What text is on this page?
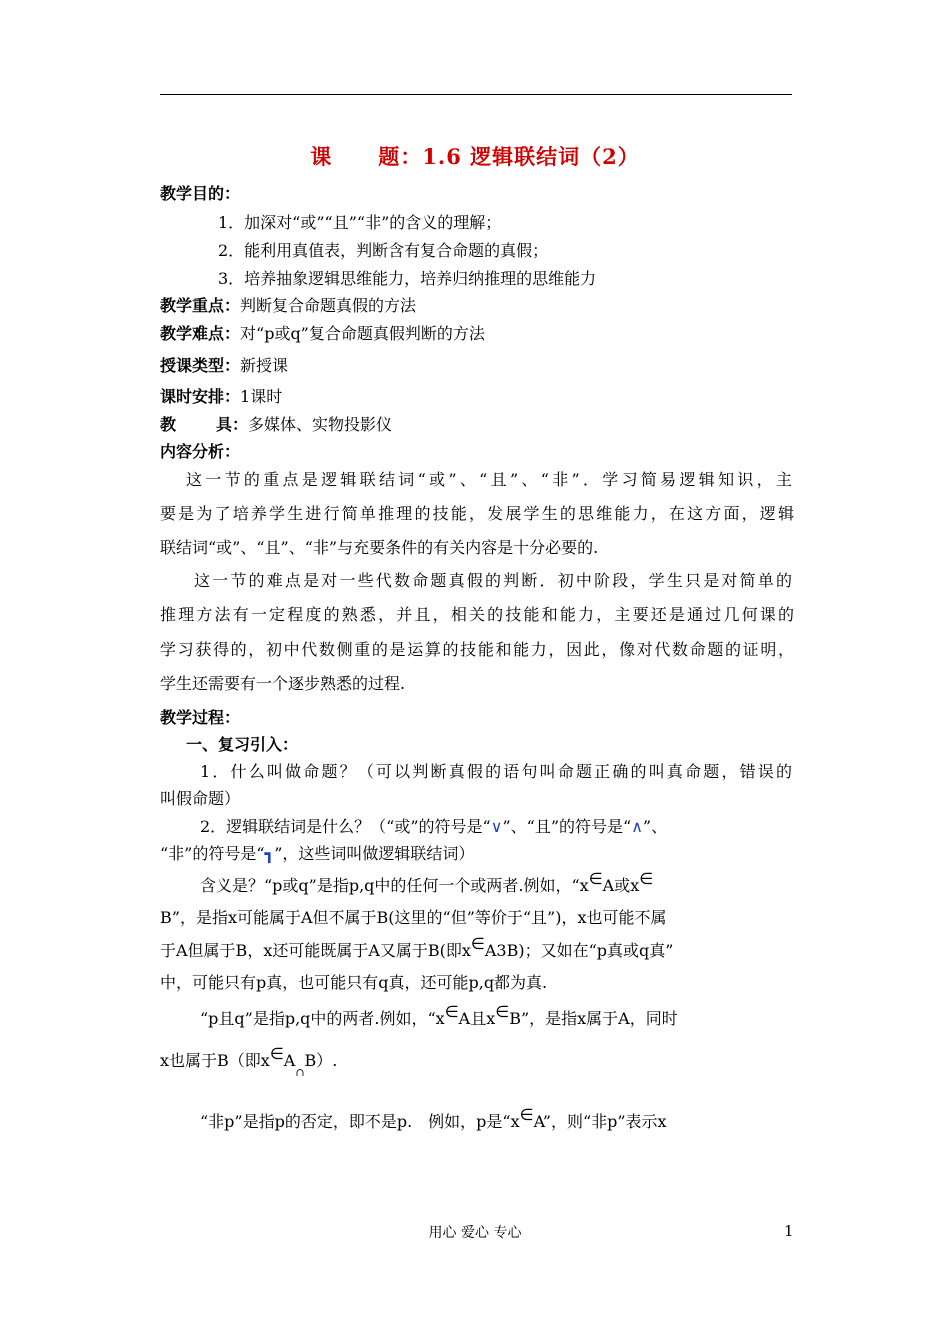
课 题：1.6 逻辑联结词（2）
教学目的：
1．加深对“或”“且”“非”的含义的理解；
2．能利用真值表，判断含有复合命题的真假；
3．培养抽象逻辑思维能力，培养归纳推理的思维能力
教学重点：判断复合命题真假的方法
教学难点：对“p或q”复合命题真假判断的方法
授课类型：新授课
课时安排：1课时
教	具：多媒体、实物投影仪
内容分析：
这一节的重点是逻辑联结词“或”、“且”、“非”．学习简易逻辑知识，主
要是为了培养学生进行简单推理的技能，发展学生的思维能力，在这方面，逻辑
联结词“或”、“且”、“非”与充要条件的有关内容是十分必要的.
这一节的难点是对一些代数命题真假的判断．初中阶段，学生只是对简单的
推理方法有一定程度的熟悉，并且，相关的技能和能力，主要还是通过几何课的
学习获得的，初中代数侧重的是运算的技能和能力，因此，像对代数命题的证明，
学生还需要有一个逐步熟悉的过程.
教学过程：
一、复习引入：
1．什么叫做命题？（可以判断真假的语句叫命题正确的叫真命题，错误的
叫假命题）
2．逻辑联结词是什么？（“或”的符号是“∨”、“且”的符号是“∧”、
“非”的符号是“┓”，这些词叫做逻辑联结词）
含义是？“p或q”是指p,q中的任何一个或两者.例如，“x∈A或x∈
B”，是指x可能属于A但不属于B(这里的“但”等价于“且”)，x也可能不属
于A但属于B，x还可能既属于A又属于B(即x∈A3B)；又如在“p真或q真”
中，可能只有p真，也可能只有q真，还可能p,q都为真.
“p且q”是指p,q中的两者.例如，“x∈A且x∈B”，是指x属于A，同时
x也属于B（即$x\in A_\cap B$）.
“非p”是指p的否定，即不是p.　例如，p是“x∈A”，则“非p”表示x
用心 爱心 专心	1
